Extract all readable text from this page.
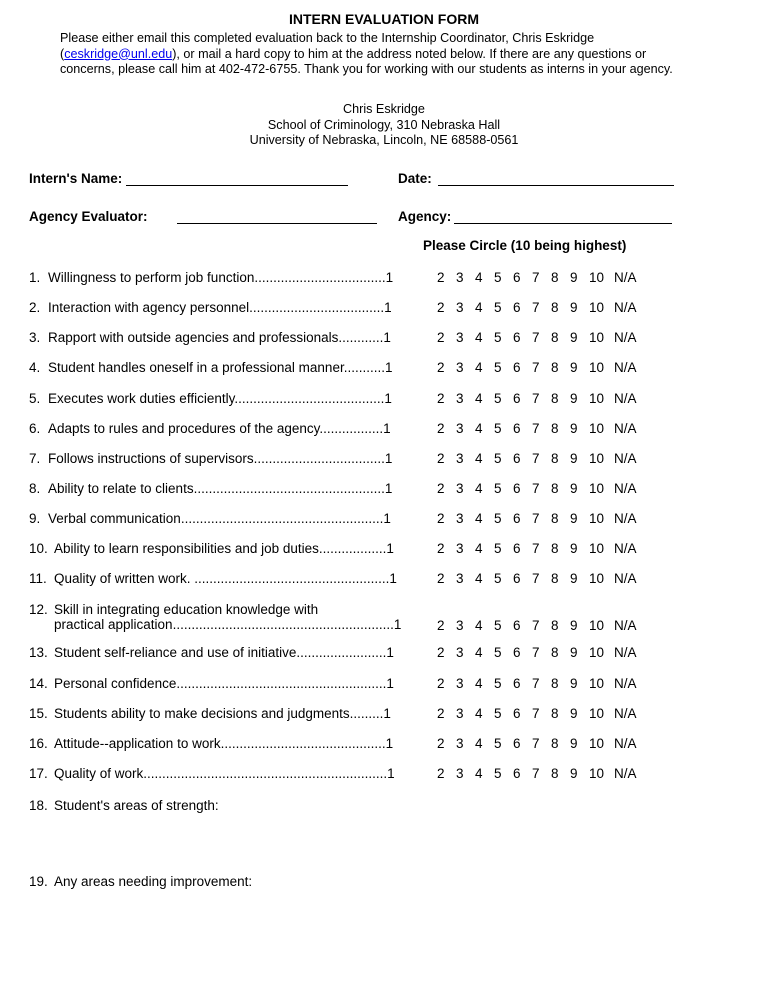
INTERN EVALUATION FORM
Please either email this completed evaluation back to the Internship Coordinator, Chris Eskridge
(ceskridge@unl.edu), or mail a hard copy to him at the address noted below. If there are any questions or
concerns, please call him at 402-472-6755. Thank you for working with our students as interns in your agency.
Chris Eskridge
School of Criminology, 310 Nebraska Hall
University of Nebraska, Lincoln, NE 68588-0561
Intern's Name:	Date:
Agency Evaluator:	Agency:
Please Circle (10 being highest)
1. Willingness to perform job function...................................1	2 3 4 5 6 7 8 9 10 N/A
2. Interaction with agency personnel....................................1	2 3 4 5 6 7 8 9 10 N/A
3. Rapport with outside agencies and professionals............1	2 3 4 5 6 7 8 9 10 N/A
4. Student handles oneself in a professional manner...........1	2 3 4 5 6 7 8 9 10 N/A
5. Executes work duties efficiently........................................1	2 3 4 5 6 7 8 9 10 N/A
6. Adapts to rules and procedures of the agency.................1	2 3 4 5 6 7 8 9 10 N/A
7. Follows instructions of supervisors...................................1	2 3 4 5 6 7 8 9 10 N/A
8. Ability to relate to clients...................................................1	2 3 4 5 6 7 8 9 10 N/A
9. Verbal communication......................................................1	2 3 4 5 6 7 8 9 10 N/A
10. Ability to learn responsibilities and job duties..................1	2 3 4 5 6 7 8 9 10 N/A
11. Quality of written work. ....................................................1	2 3 4 5 6 7 8 9 10 N/A
12. Skill in integrating education knowledge with
practical application...........................................................1	2 3 4 5 6 7 8 9 10 N/A
13. Student self-reliance and use of initiative........................1	2 3 4 5 6 7 8 9 10 N/A
14. Personal confidence........................................................1	2 3 4 5 6 7 8 9 10 N/A
15. Students ability to make decisions and judgments.........1	2 3 4 5 6 7 8 9 10 N/A
16. Attitude--application to work............................................1	2 3 4 5 6 7 8 9 10 N/A
17. Quality of work.................................................................1	2 3 4 5 6 7 8 9 10 N/A
18. Student's areas of strength:
19. Any areas needing improvement:
